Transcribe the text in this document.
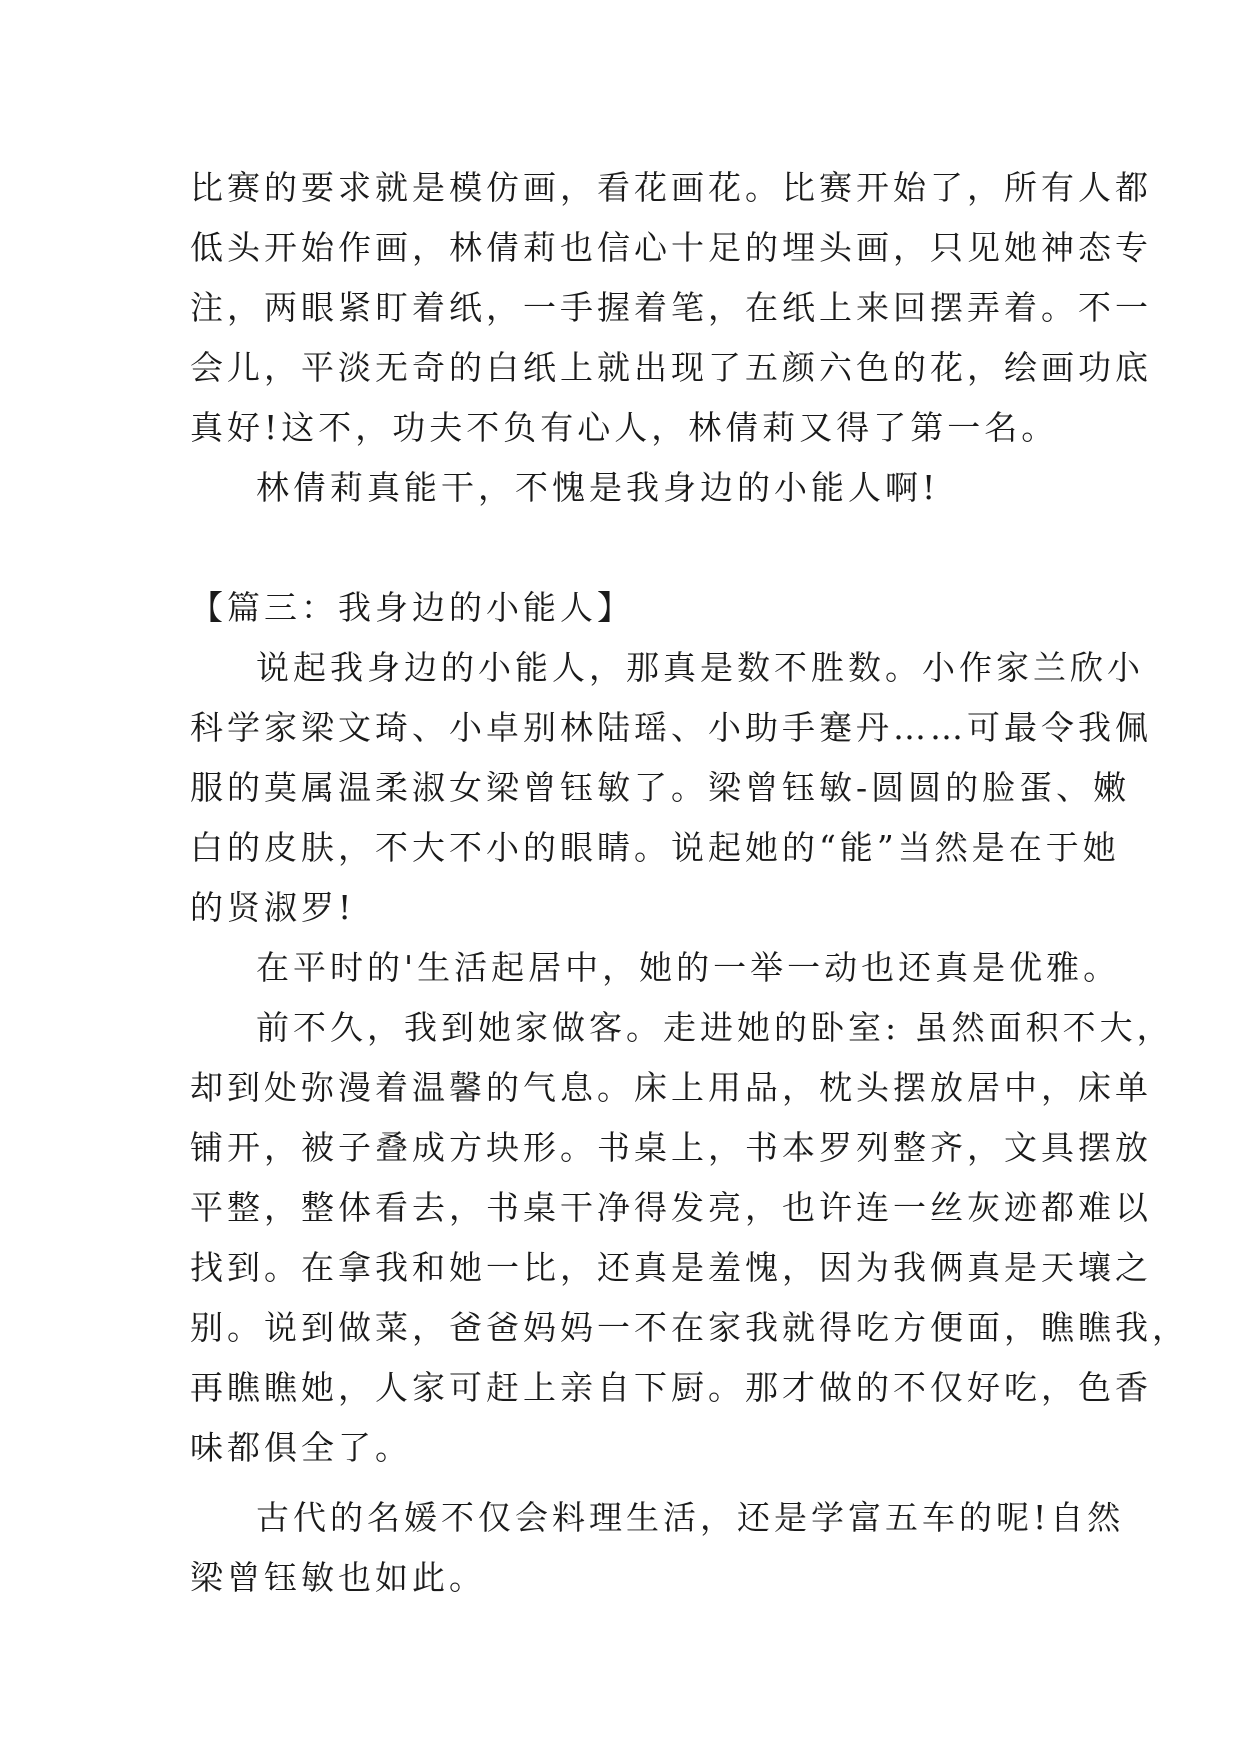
比赛的要求就是模仿画，看花画花。比赛开始了，所有人都
低头开始作画，林倩莉也信心十足的埋头画，只见她神态专
注，两眼紧盯着纸，一手握着笔，在纸上来回摆弄着。不一
会儿，平淡无奇的白纸上就出现了五颜六色的花，绘画功底
真好!这不，功夫不负有心人，林倩莉又得了第一名。
林倩莉真能干，不愧是我身边的小能人啊!
【篇三：我身边的小能人】
说起我身边的小能人，那真是数不胜数。小作家兰欣小
科学家梁文琦、小卓别林陆瑶、小助手蹇丹……可最令我佩
服的莫属温柔淑女梁曾钰敏了。梁曾钰敏-圆圆的脸蛋、嫩
白的皮肤，不大不小的眼睛。说起她的“能”当然是在于她
的贤淑罗!
在平时的'生活起居中，她的一举一动也还真是优雅。
前不久，我到她家做客。走进她的卧室: 虽然面积不大，
却到处弥漫着温馨的气息。床上用品，枕头摆放居中，床单
铺开，被子叠成方块形。书桌上，书本罗列整齐，文具摆放
平整，整体看去，书桌干净得发亮，也许连一丝灰迹都难以
找到。在拿我和她一比，还真是羞愧，因为我俩真是天壤之
别。说到做菜，爸爸妈妈一不在家我就得吃方便面，瞧瞧我，
再瞧瞧她，人家可赶上亲自下厨。那才做的不仅好吃，色香
味都俱全了。
古代的名媛不仅会料理生活，还是学富五车的呢!自然
梁曾钰敏也如此。
